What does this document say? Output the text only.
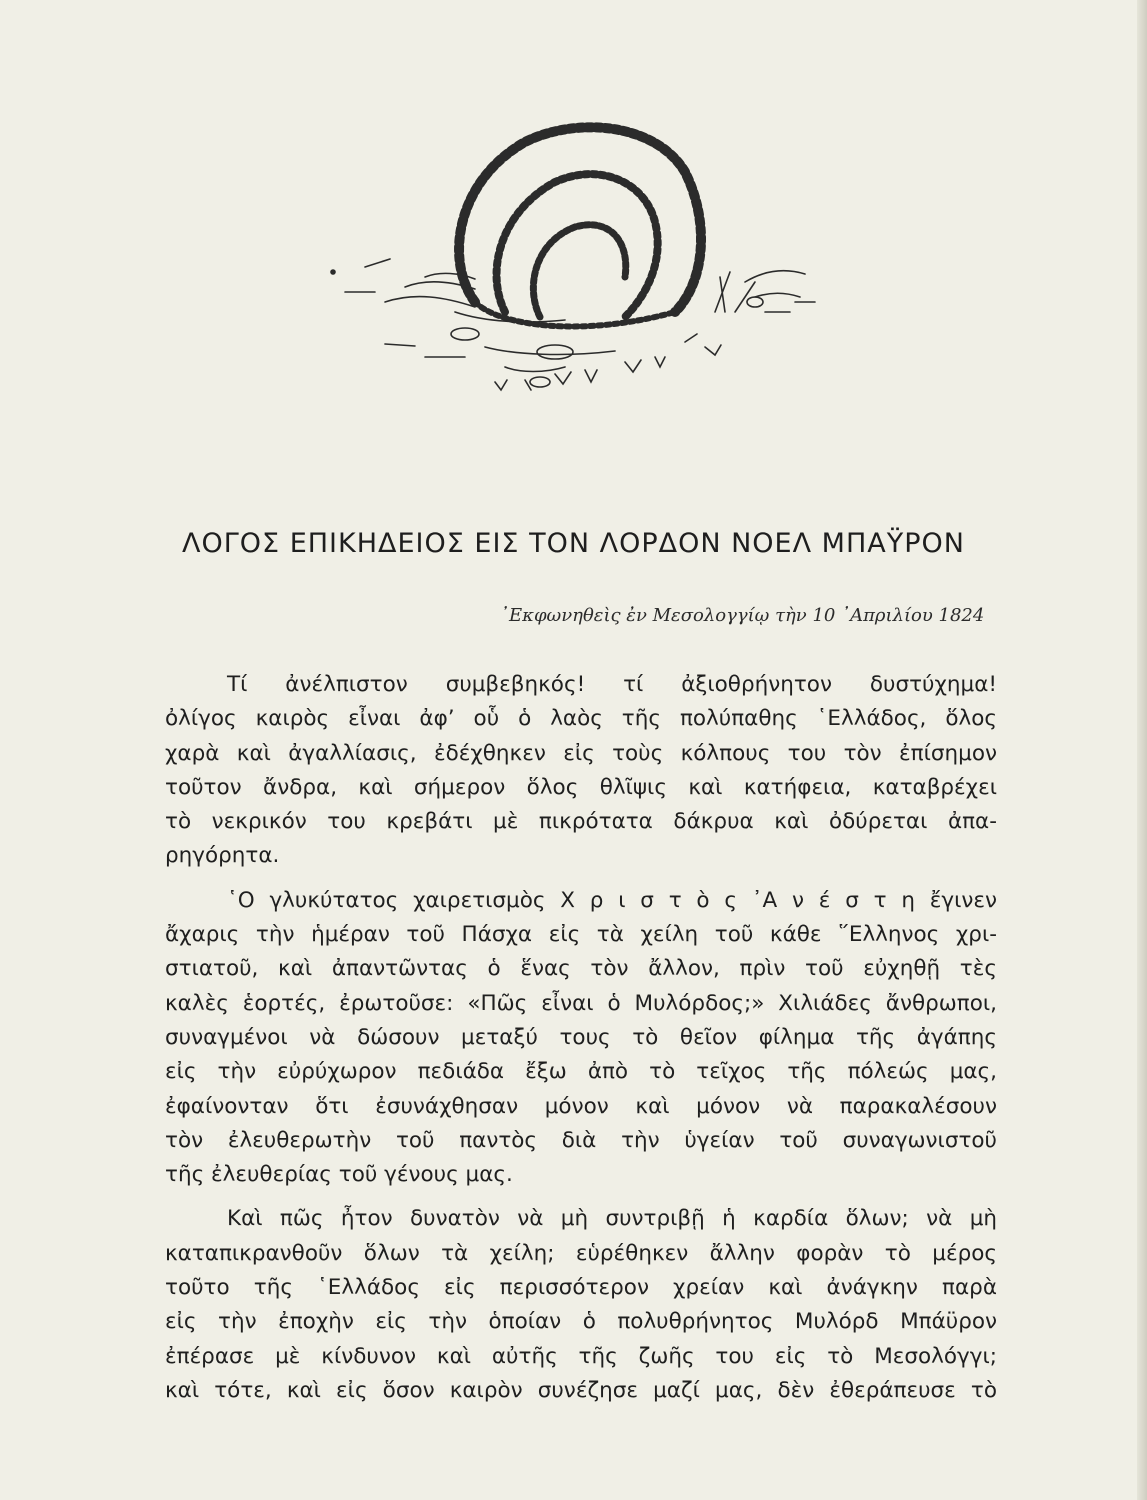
ΛΟΓΟΣ ΕΠΙΚΗΔΕΙΟΣ ΕΙΣ ΤΟΝ ΛΟΡΔΟΝ ΝΟΕΛ ΜΠΑΫΡΟΝ
᾿Εκφωνηθεὶς ἐν Μεσολογγίῳ τὴν 10 ᾿Απριλίου 1824
Τί ἀνέλπιστον συμβεβηκός! τί ἀξιοθρήνητον δυστύχημα!
ὀλίγος καιρὸς εἶναι ἀφ’ οὗ ὁ λαὸς τῆς πολύπαθης ῾Ελλάδος, ὅλος
χαρὰ καὶ ἀγαλλίασις, ἐδέχθηκεν εἰς τοὺς κόλπους του τὸν ἐπίσημον
τοῦτον ἄνδρα, καὶ σήμερον ὅλος θλῖψις καὶ κατήφεια, καταβρέχει
τὸ νεκρικόν του κρεβάτι μὲ πικρότατα δάκρυα καὶ ὀδύρεται ἀπα-
ρηγόρητα.
῾Ο γλυκύτατος χαιρετισμὸς Χ ρ ι σ τ ὸ ς ᾿Α ν έ σ τ η ἔγινεν
ἄχαρις τὴν ἡμέραν τοῦ Πάσχα εἰς τὰ χείλη τοῦ κάθε ῞Ελληνος χρι-
στιατοῦ, καὶ ἀπαντῶντας ὁ ἕνας τὸν ἄλλον, πρὶν τοῦ εὐχηθῇ τὲς
καλὲς ἑορτές, ἐρωτοῦσε: «Πῶς εἶναι ὁ Μυλόρδος;» Χιλιάδες ἄνθρωποι,
συναγμένοι νὰ δώσουν μεταξύ τους τὸ θεῖον φίλημα τῆς ἀγάπης
εἰς τὴν εὐρύχωρον πεδιάδα ἔξω ἀπὸ τὸ τεῖχος τῆς πόλεώς μας,
ἐφαίνονταν ὅτι ἐσυνάχθησαν μόνον καὶ μόνον νὰ παρακαλέσουν
τὸν ἐλευθερωτὴν τοῦ παντὸς διὰ τὴν ὑγείαν τοῦ συναγωνιστοῦ
τῆς ἐλευθερίας τοῦ γένους μας.
Καὶ πῶς ἦτον δυνατὸν νὰ μὴ συντριβῇ ἡ καρδία ὅλων; νὰ μὴ
καταπικρανθοῦν ὅλων τὰ χείλη; εὑρέθηκεν ἄλλην φορὰν τὸ μέρος
τοῦτο τῆς ῾Ελλάδος εἰς περισσότερον χρείαν καὶ ἀνάγκην παρὰ
εἰς τὴν ἐποχὴν εἰς τὴν ὁποίαν ὁ πολυθρήνητος Μυλόρδ Μπάϋρον
ἐπέρασε μὲ κίνδυνον καὶ αὐτῆς τῆς ζωῆς του εἰς τὸ Μεσολόγγι;
καὶ τότε, καὶ εἰς ὅσον καιρὸν συνέζησε μαζί μας, δὲν ἐθεράπευσε τὸ
